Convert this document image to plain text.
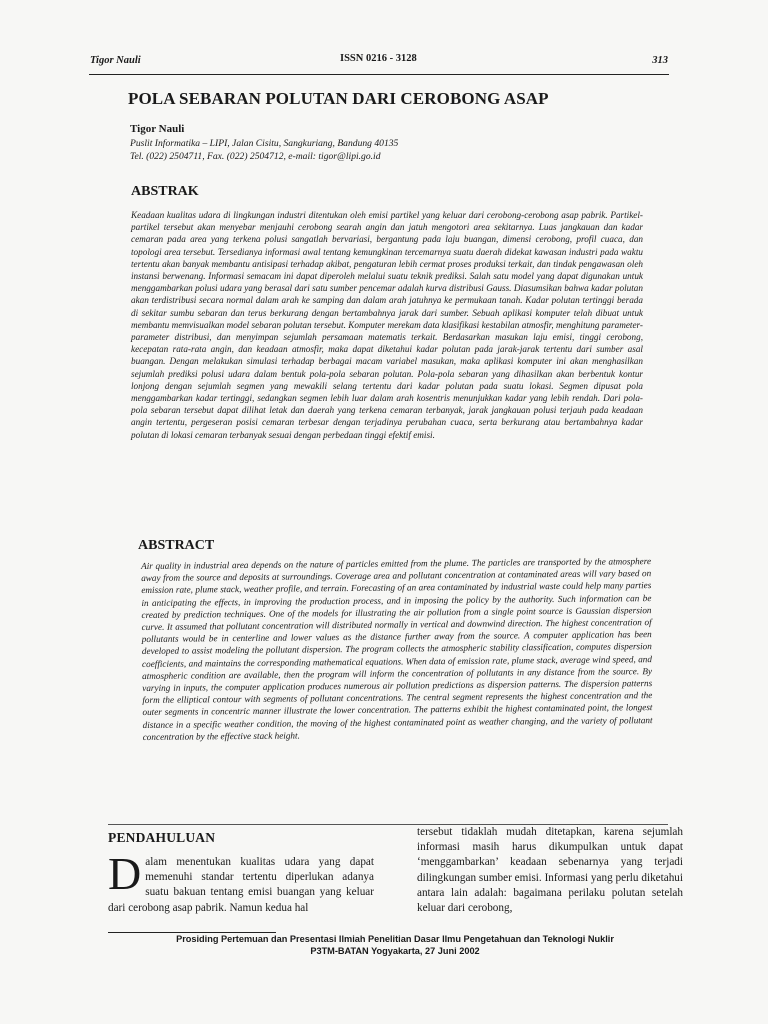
Tigor Nauli	ISSN 0216 - 3128	313
POLA SEBARAN POLUTAN DARI CEROBONG ASAP
Tigor Nauli
Puslit Informatika – LIPI, Jalan Cisitu, Sangkuriang, Bandung 40135
Tel. (022) 2504711, Fax. (022) 2504712, e-mail: tigor@lipi.go.id
ABSTRAK
Keadaan kualitas udara di lingkungan industri ditentukan oleh emisi partikel yang keluar dari cerobong-cerobong asap pabrik. Partikel-partikel tersebut akan menyebar menjauhi cerobong searah angin dan jatuh mengotori area sekitarnya. Luas jangkauan dan kadar cemaran pada area yang terkena polusi sangatlah bervariasi, bergantung pada laju buangan, dimensi cerobong, profil cuaca, dan topologi area tersebut. Tersedianya informasi awal tentang kemungkinan tercemarnya suatu daerah didekat kawasan industri pada waktu tertentu akan banyak membantu antisipasi terhadap akibat, pengaturan lebih cermat proses produksi terkait, dan tindak pengawasan oleh instansi berwenang. Informasi semacam ini dapat diperoleh melalui suatu teknik prediksi. Salah satu model yang dapat digunakan untuk menggambarkan polusi udara yang berasal dari satu sumber pencemar adalah kurva distribusi Gauss. Diasumsikan bahwa kadar polutan akan terdistribusi secara normal dalam arah ke samping dan dalam arah jatuhnya ke permukaan tanah. Kadar polutan tertinggi berada di sekitar sumbu sebaran dan terus berkurang dengan bertambahnya jarak dari sumber. Sebuah aplikasi komputer telah dibuat untuk membantu memvisualkan model sebaran polutan tersebut. Komputer merekam data klasifikasi kestabilan atmosfir, menghitung parameter-parameter distribusi, dan menyimpan sejumlah persamaan matematis terkait. Berdasarkan masukan laju emisi, tinggi cerobong, kecepatan rata-rata angin, dan keadaan atmosfir, maka dapat diketahui kadar polutan pada jarak-jarak tertentu dari sumber asal buangan. Dengan melakukan simulasi terhadap berbagai macam variabel masukan, maka aplikasi komputer ini akan menghasilkan sejumlah prediksi polusi udara dalam bentuk pola-pola sebaran polutan. Pola-pola sebaran yang dihasilkan akan berbentuk kontur lonjong dengan sejumlah segmen yang mewakili selang tertentu dari kadar polutan pada suatu lokasi. Segmen dipusat pola menggambarkan kadar tertinggi, sedangkan segmen lebih luar dalam arah kosentris menunjukkan kadar yang lebih rendah. Dari pola-pola sebaran tersebut dapat dilihat letak dan daerah yang terkena cemaran terbanyak, jarak jangkauan polusi terjauh pada keadaan angin tertentu, pergeseran posisi cemaran terbesar dengan terjadinya perubahan cuaca, serta berkurang atau bertambahnya kadar polutan di lokasi cemaran terbanyak sesuai dengan perbedaan tinggi efektif emisi.
ABSTRACT
Air quality in industrial area depends on the nature of particles emitted from the plume. The particles are transported by the atmosphere away from the source and deposits at surroundings. Coverage area and pollutant concentration at contaminated areas will vary based on emission rate, plume stack, weather profile, and terrain. Forecasting of an area contaminated by industrial waste could help many parties in anticipating the effects, in improving the production process, and in imposing the policy by the authority. Such information can be created by prediction techniques. One of the models for illustrating the air pollution from a single point source is Gaussian dispersion curve. It assumed that pollutant concentration will distributed normally in vertical and downwind direction. The highest concentration of pollutants would be in centerline and lower values as the distance further away from the source. A computer application has been developed to assist modeling the pollutant dispersion. The program collects the atmospheric stability classification, computes dispersion coefficients, and maintains the corresponding mathematical equations. When data of emission rate, plume stack, average wind speed, and atmospheric condition are available, then the program will inform the concentration of pollutants in any distance from the source. By varying in inputs, the computer application produces numerous air pollution predictions as dispersion patterns. The dispersion patterns form the elliptical contour with segments of pollutant concentrations. The central segment represents the highest concentration and the outer segments in concentric manner illustrate the lower concentration. The patterns exhibit the highest contaminated point, the longest distance in a specific weather condition, the moving of the highest contaminated point as weather changing, and the variety of pollutant concentration by the effective stack height.
PENDAHULUAN
Dalam menentukan kualitas udara yang dapat memenuhi standar tertentu diperlukan adanya suatu bakuan tentang emisi buangan yang keluar dari cerobong asap pabrik. Namun kedua hal
tersebut tidaklah mudah ditetapkan, karena sejumlah informasi masih harus dikumpulkan untuk dapat ‘menggambarkan’ keadaan sebenarnya yang terjadi dilingkungan sumber emisi. Informasi yang perlu diketahui antara lain adalah: bagaimana perilaku polutan setelah keluar dari cerobong,
Prosiding Pertemuan dan Presentasi Ilmiah Penelitian Dasar Ilmu Pengetahuan dan Teknologi Nuklir
P3TM-BATAN Yogyakarta, 27 Juni 2002
